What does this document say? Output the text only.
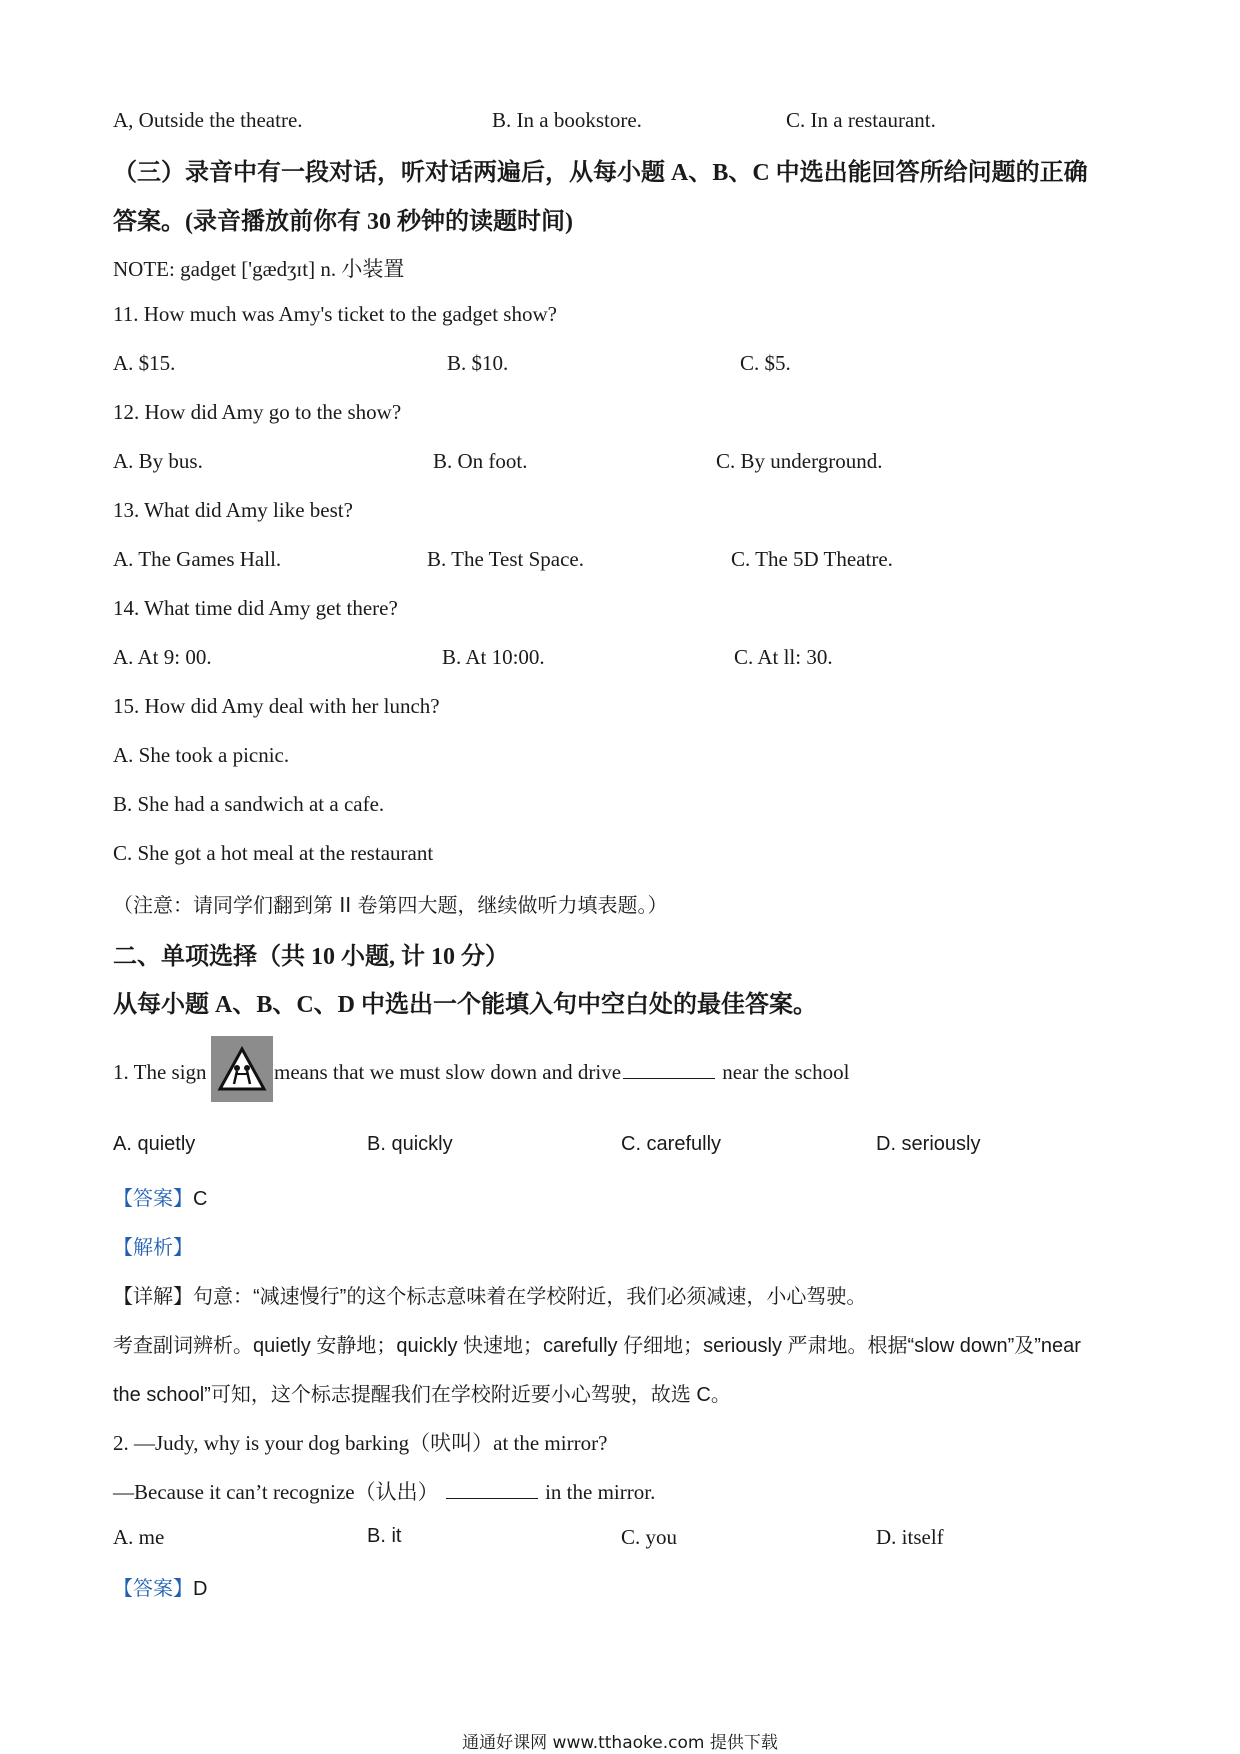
A, Outside the theatre.	B. In a bookstore.	C. In a restaurant.
（三）录音中有一段对话，听对话两遍后，从每小题 A、B、C 中选出能回答所给问题的正确
答案。(录音播放前你有 30 秒钟的读题时间)
NOTE: gadget ['gædʒɪt] n. 小装置
11. How much was Amy's ticket to the gadget show?
A. $15.	B. $10.	C. $5.
12. How did Amy go to the show?
A. By bus.	B. On foot.	C. By underground.
13. What did Amy like best?
A. The Games Hall.	B. The Test Space.	C. The 5D Theatre.
14. What time did Amy get there?
A. At 9: 00.	B. At 10:00.	C. At ll: 30.
15. How did Amy deal with her lunch?
A. She took a picnic.
B. She had a sandwich at a cafe.
C. She got a hot meal at the restaurant
（注意：请同学们翻到第 II 卷第四大题，继续做听力填表题。）
二、单项选择（共 10 小题, 计 10 分）
从每小题 A、B、C、D 中选出一个能填入句中空白处的最佳答案。
1. The sign	means that we must slow down and drive	near the school
A. quietly	B. quickly	C. carefully	D. seriously
【答案】C
【解析】
【详解】句意：“减速慢行”的这个标志意味着在学校附近，我们必须减速，小心驾驶。
考查副词辨析。quietly 安静地；quickly 快速地；carefully 仔细地；seriously 严肃地。根据“slow down”及”near
the school”可知，这个标志提醒我们在学校附近要小心驾驶，故选 C。
2. —Judy, why is your dog barking（吠叫）at the mirror?
—Because it can’t recognize（认出）	in the mirror.
A. me	B. it	C. you	D. itself
【答案】D
通通好课网 www.tthaoke.com 提供下载
